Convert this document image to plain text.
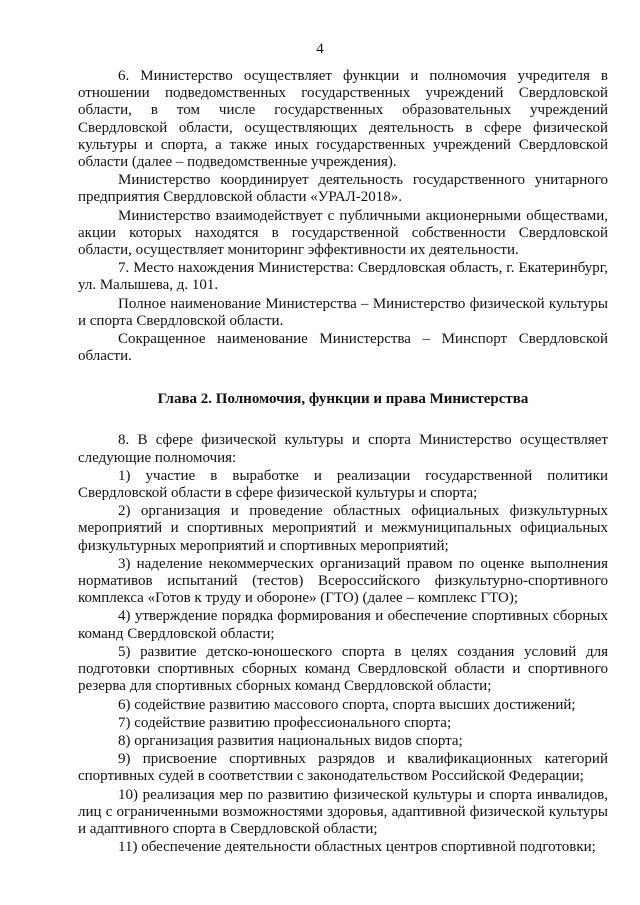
4

6. Министерство осуществляет функции и полномочия учредителя в отношении подведомственных государственных учреждений Свердловской области, в том числе государственных образовательных учреждений Свердловской области, осуществляющих деятельность в сфере физической культуры и спорта, а также иных государственных учреждений Свердловской области (далее – подведомственные учреждения).

Министерство координирует деятельность государственного унитарного предприятия Свердловской области «УРАЛ-2018».

Министерство взаимодействует с публичными акционерными обществами, акции которых находятся в государственной собственности Свердловской области, осуществляет мониторинг эффективности их деятельности.

7. Место нахождения Министерства: Свердловская область, г. Екатеринбург, ул. Малышева, д. 101.

Полное наименование Министерства – Министерство физической культуры и спорта Свердловской области.

Сокращенное наименование Министерства – Минспорт Свердловской области.

Глава 2. Полномочия, функции и права Министерства

8. В сфере физической культуры и спорта Министерство осуществляет следующие полномочия:

1) участие в выработке и реализации государственной политики Свердловской области в сфере физической культуры и спорта;

2) организация и проведение областных официальных физкультурных мероприятий и спортивных мероприятий и межмуниципальных официальных физкультурных мероприятий и спортивных мероприятий;

3) наделение некоммерческих организаций правом по оценке выполнения нормативов испытаний (тестов) Всероссийского физкультурно-спортивного комплекса «Готов к труду и обороне» (ГТО) (далее – комплекс ГТО);

4) утверждение порядка формирования и обеспечение спортивных сборных команд Свердловской области;

5) развитие детско-юношеского спорта в целях создания условий для подготовки спортивных сборных команд Свердловской области и спортивного резерва для спортивных сборных команд Свердловской области;

6) содействие развитию массового спорта, спорта высших достижений;

7) содействие развитию профессионального спорта;

8) организация развития национальных видов спорта;

9) присвоение спортивных разрядов и квалификационных категорий спортивных судей в соответствии с законодательством Российской Федерации;

10) реализация мер по развитию физической культуры и спорта инвалидов, лиц с ограниченными возможностями здоровья, адаптивной физической культуры и адаптивного спорта в Свердловской области;

11) обеспечение деятельности областных центров спортивной подготовки;
